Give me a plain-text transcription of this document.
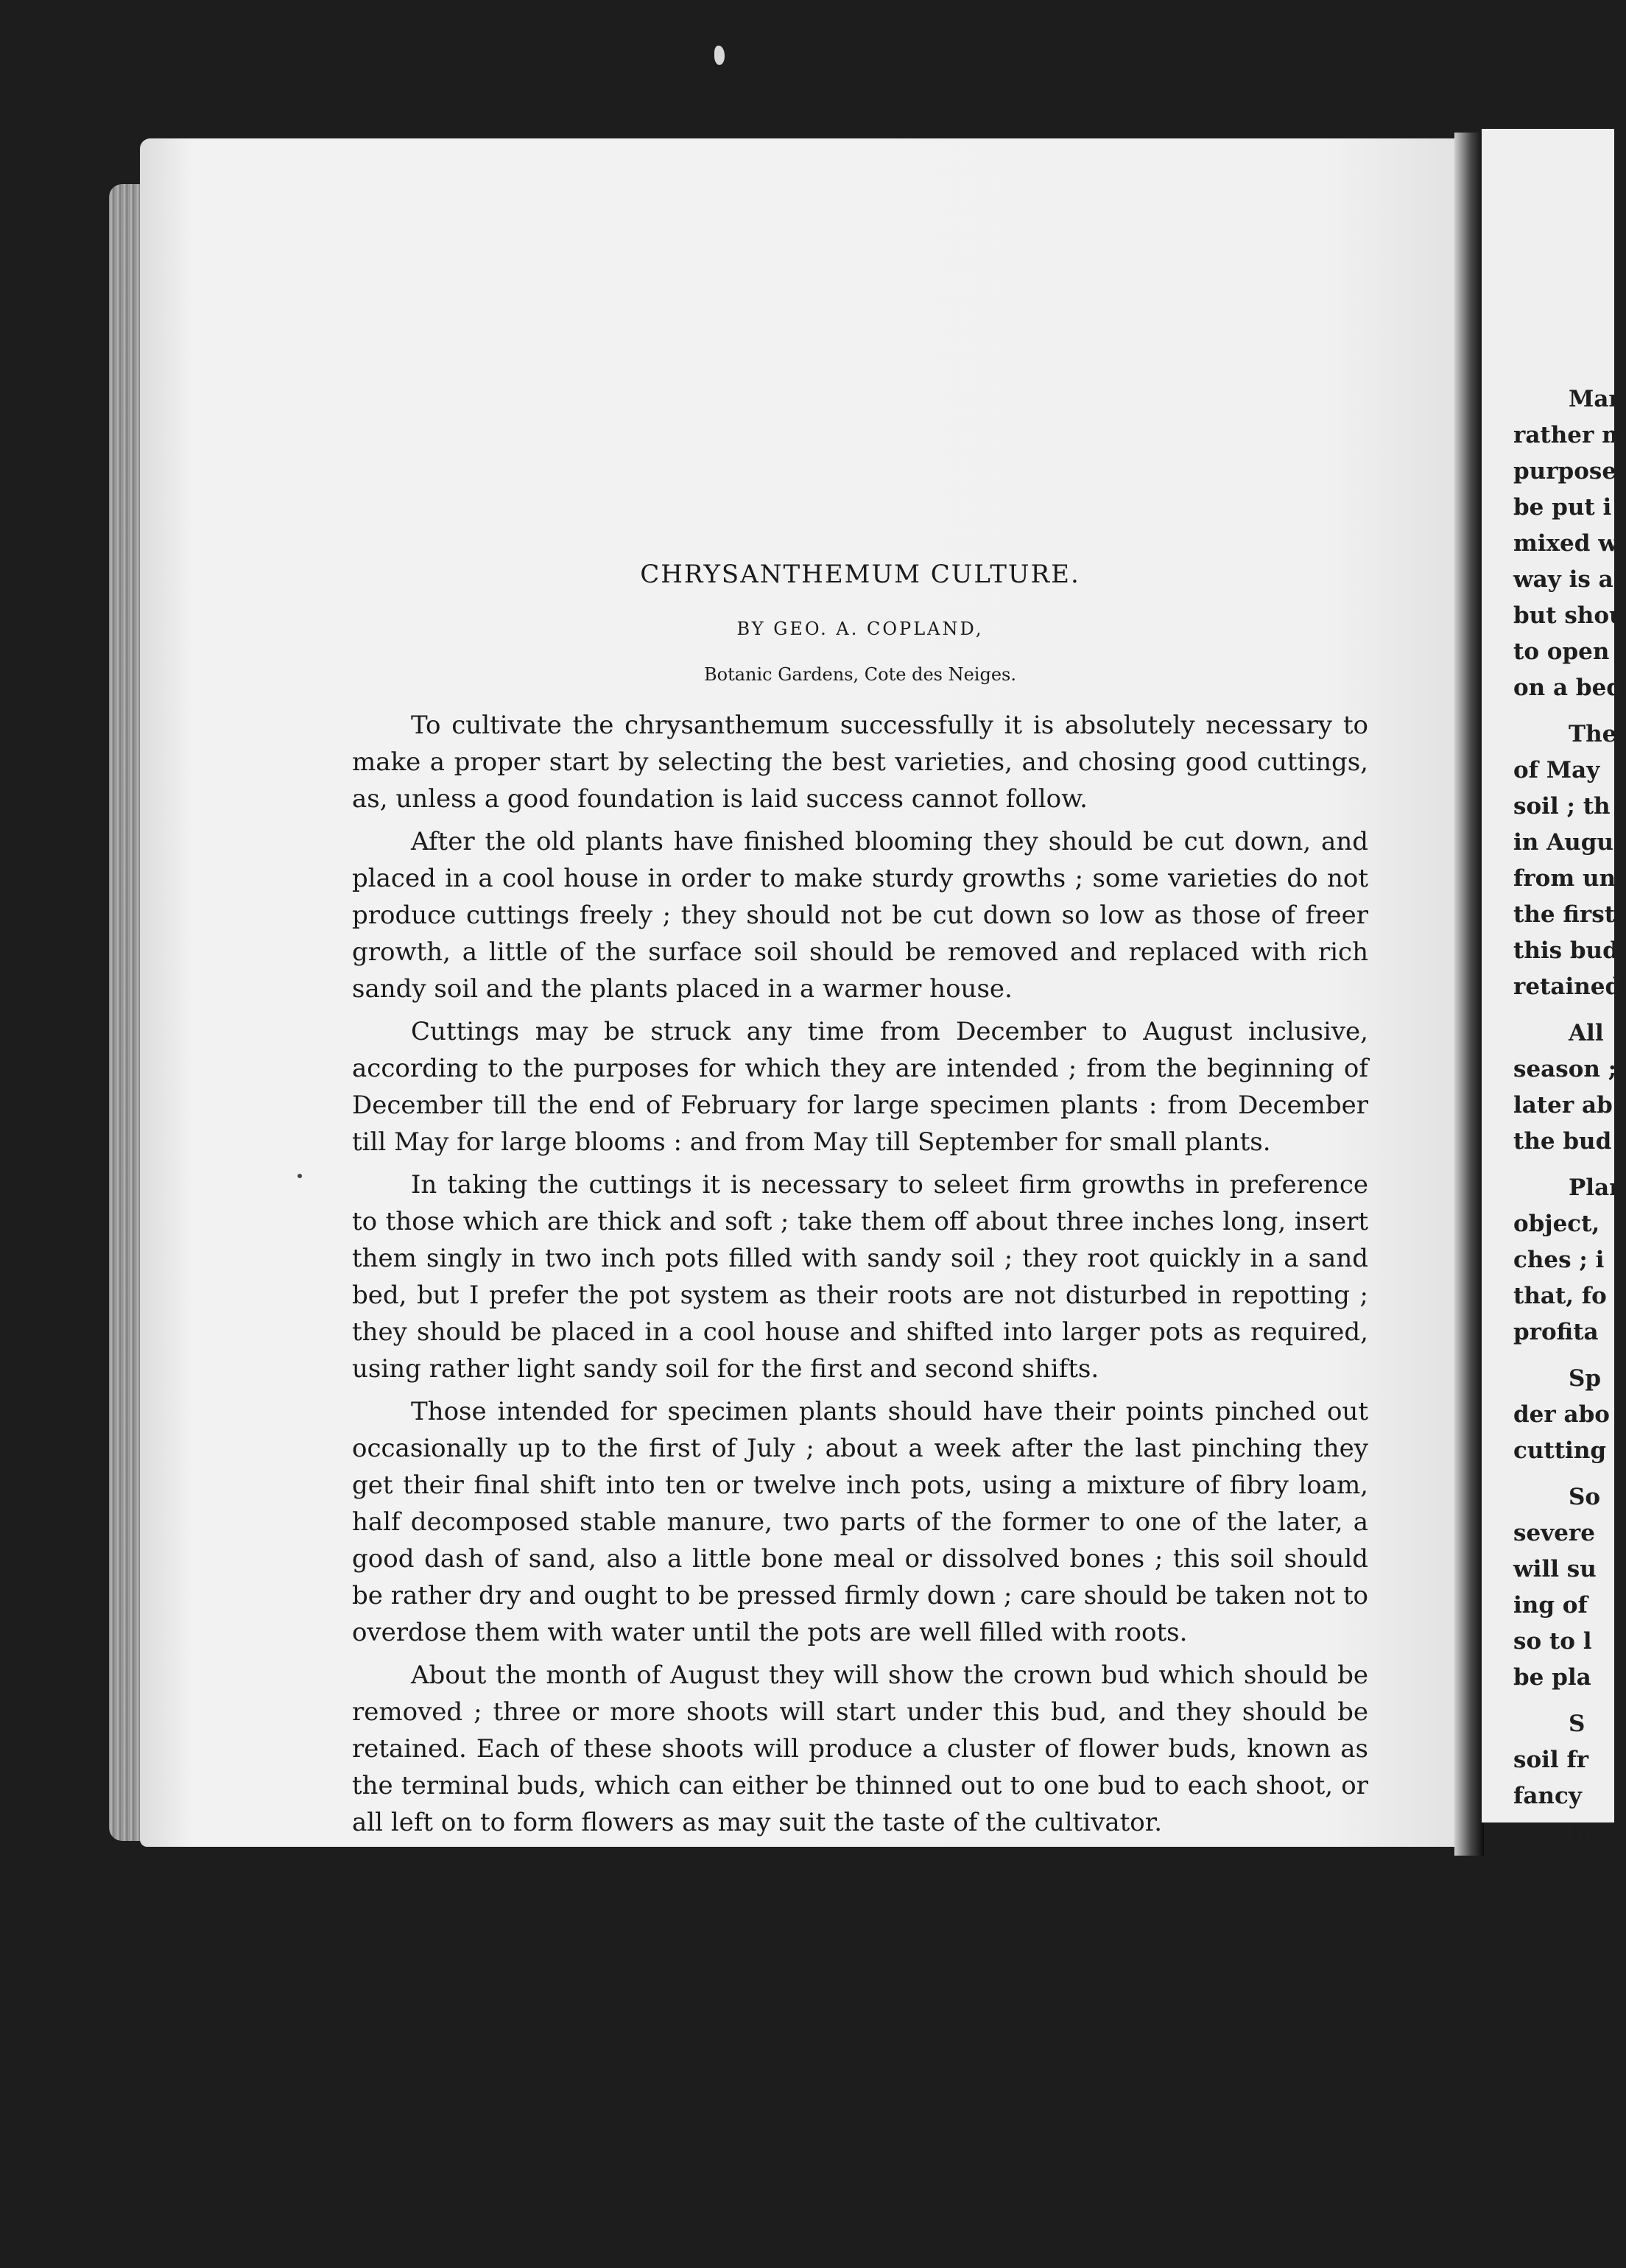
CHRYSANTHEMUM CULTURE.
BY GEO. A. COPLAND,
Botanic Gardens, Cote des Neiges.

To cultivate the chrysanthemum successfully it is absolutely necessary to make a proper start by selecting the best varieties, and chosing good cuttings, as, unless a good foundation is laid success cannot follow.

After the old plants have finished blooming they should be cut down, and placed in a cool house in order to make sturdy growths ; some varieties do not produce cuttings freely ; they should not be cut down so low as those of freer growth, a little of the surface soil should be removed and replaced with rich sandy soil and the plants placed in a warmer house.

Cuttings may be struck any time from December to August inclusive, according to the purposes for which they are intended ; from the beginning of December till the end of February for large specimen plants : from December till May for large blooms : and from May till September for small plants.

In taking the cuttings it is necessary to seleet firm growths in preference to those which are thick and soft ; take them off about three inches long, insert them singly in two inch pots filled with sandy soil ; they root quickly in a sand bed, but I prefer the pot system as their roots are not disturbed in repotting ; they should be placed in a cool house and shifted into larger pots as required, using rather light sandy soil for the first and second shifts.

Those intended for specimen plants should have their points pinched out occasionally up to the first of July ; about a week after the last pinching they get their final shift into ten or twelve inch pots, using a mixture of fibry loam, half decomposed stable manure, two parts of the former to one of the later, a good dash of sand, also a little bone meal or dissolved bones ; this soil should be rather dry and ought to be pressed firmly down ; care should be taken not to overdose them with water until the pots are well filled with roots.

About the month of August they will show the crown bud which should be removed ; three or more shoots will start under this bud, and they should be retained. Each of these shoots will produce a cluster of flower buds, known as the terminal buds, which can either be thinned out to one bud to each shoot, or all left on to form flowers as may suit the taste of the cultivator.

Mar
rather m
purpose
be put i
mixed w
way is a
but shou
to open
on a bed
The
of May
soil ; th
in Augu
from un
the first
this bud
retained
All
season ;
later ab
the bud
Plan
object,
ches ; i
that, fo
profita
Sp
der abo
cutting
So
severe
will su
ing of
so to l
be pla
S
soil fr
fancy
use to
